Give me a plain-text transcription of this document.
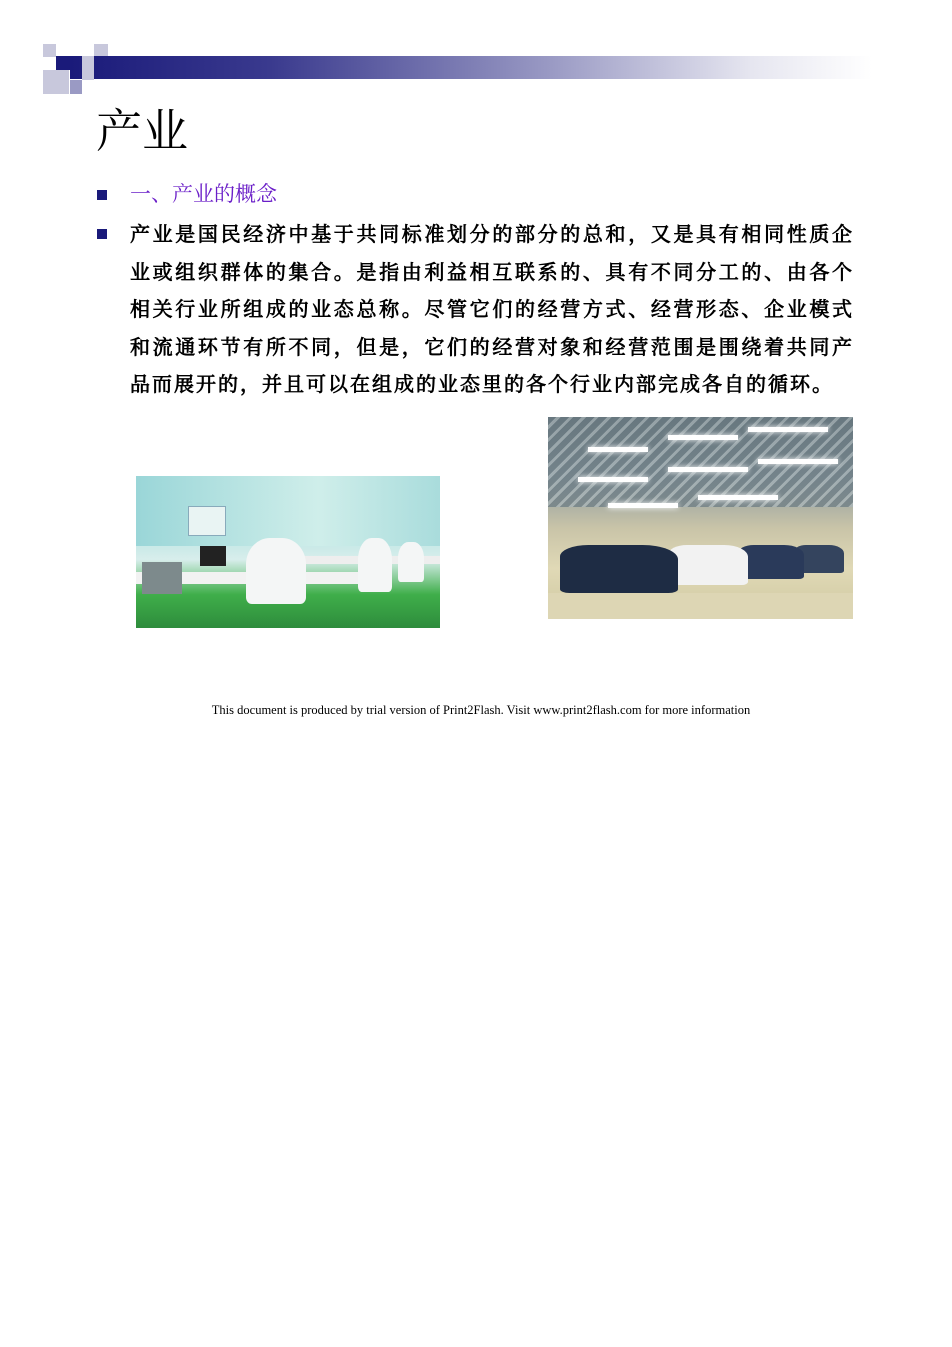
产业
一、产业的概念
产业是国民经济中基于共同标准划分的部分的总和，又是具有相同性质企业或组织群体的集合。是指由利益相互联系的、具有不同分工的、由各个相关行业所组成的业态总称。尽管它们的经营方式、经营形态、企业模式和流通环节有所不同，但是，它们的经营对象和经营范围是围绕着共同产品而展开的，并且可以在组成的业态里的各个行业内部完成各自的循环。
This document is produced by trial version of Print2Flash. Visit www.print2flash.com for more information
